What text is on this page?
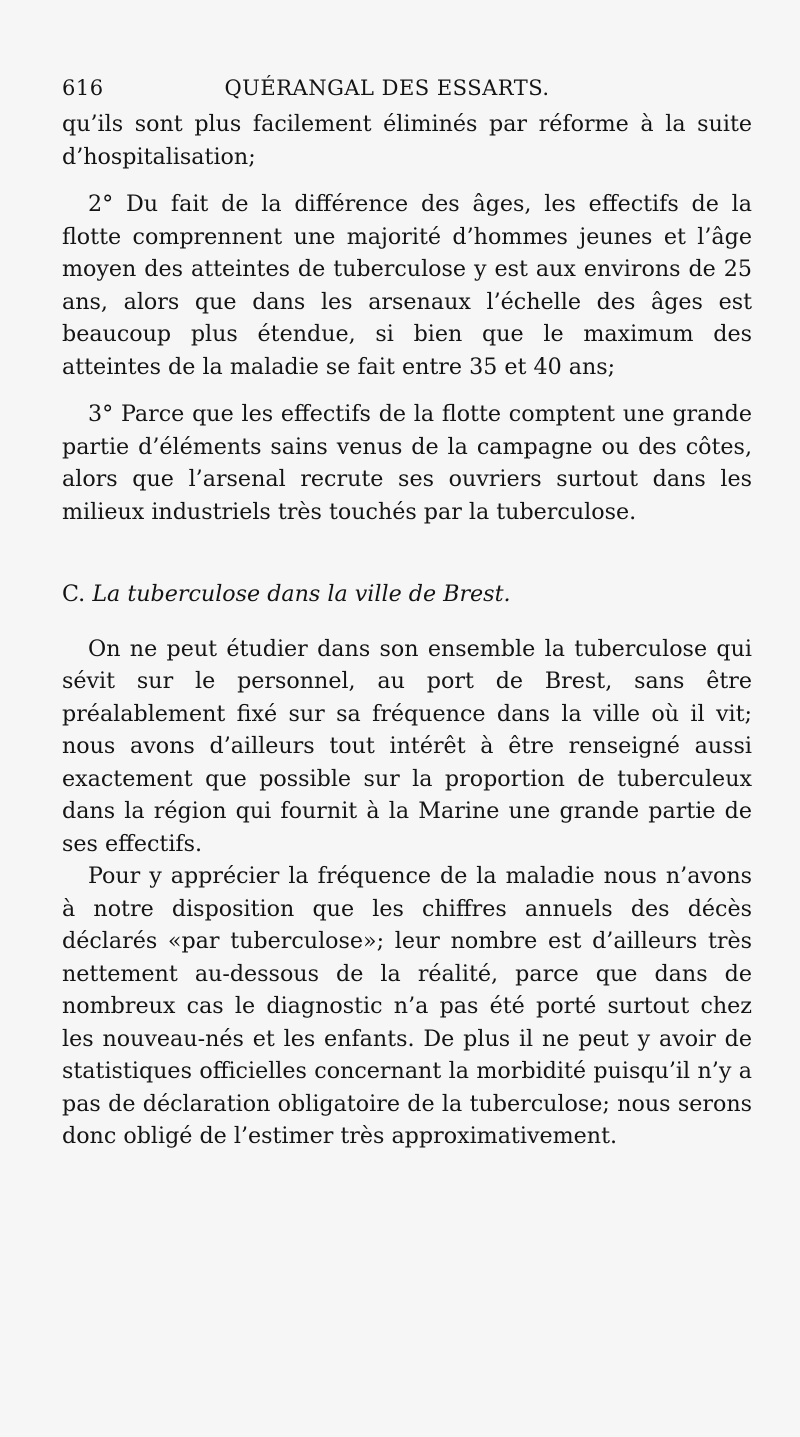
616	QUÉRANGAL DES ESSARTS.

qu’ils sont plus facilement éliminés par réforme à la suite d’hospitalisation;

2° Du fait de la différence des âges, les effectifs de la flotte comprennent une majorité d’hommes jeunes et l’âge moyen des atteintes de tuberculose y est aux environs de 25 ans, alors que dans les arsenaux l’échelle des âges est beaucoup plus étendue, si bien que le maximum des atteintes de la maladie se fait entre 35 et 40 ans;

3° Parce que les effectifs de la flotte comptent une grande partie d’éléments sains venus de la campagne ou des côtes, alors que l’arsenal recrute ses ouvriers surtout dans les milieux industriels très touchés par la tuberculose.

C. La tuberculose dans la ville de Brest.

On ne peut étudier dans son ensemble la tuberculose qui sévit sur le personnel, au port de Brest, sans être préalablement fixé sur sa fréquence dans la ville où il vit; nous avons d’ailleurs tout intérêt à être renseigné aussi exactement que possible sur la proportion de tuberculeux dans la région qui fournit à la Marine une grande partie de ses effectifs.

Pour y apprécier la fréquence de la maladie nous n’avons à notre disposition que les chiffres annuels des décès déclarés «par tuberculose»; leur nombre est d’ailleurs très nettement au-dessous de la réalité, parce que dans de nombreux cas le diagnostic n’a pas été porté surtout chez les nouveau-nés et les enfants. De plus il ne peut y avoir de statistiques officielles concernant la morbidité puisqu’il n’y a pas de déclaration obligatoire de la tuberculose; nous serons donc obligé de l’estimer très approximativement.
